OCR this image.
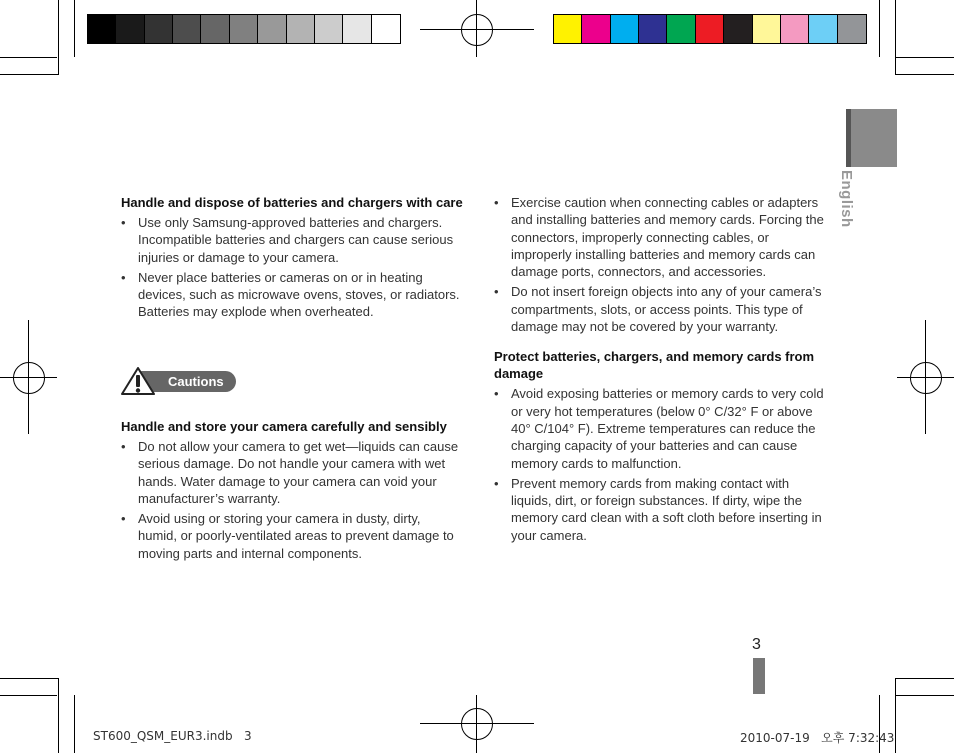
Handle and dispose of batteries and chargers with care
• Use only Samsung-approved batteries and chargers. Incompatible batteries and chargers can cause serious injuries or damage to your camera.
• Never place batteries or cameras on or in heating devices, such as microwave ovens, stoves, or radiators. Batteries may explode when overheated.
Cautions
Handle and store your camera carefully and sensibly
• Do not allow your camera to get wet—liquids can cause serious damage. Do not handle your camera with wet hands. Water damage to your camera can void your manufacturer’s warranty.
• Avoid using or storing your camera in dusty, dirty, humid, or poorly-ventilated areas to prevent damage to moving parts and internal components.
• Exercise caution when connecting cables or adapters and installing batteries and memory cards. Forcing the connectors, improperly connecting cables, or improperly installing batteries and memory cards can damage ports, connectors, and accessories.
• Do not insert foreign objects into any of your camera’s compartments, slots, or access points. This type of damage may not be covered by your warranty.
Protect batteries, chargers, and memory cards from damage
• Avoid exposing batteries or memory cards to very cold or very hot temperatures (below 0° C/32° F or above 40° C/104° F). Extreme temperatures can reduce the charging capacity of your batteries and can cause memory cards to malfunction.
• Prevent memory cards from making contact with liquids, dirt, or foreign substances. If dirty, wipe the memory card clean with a soft cloth before inserting in your camera.
English
3
ST600_QSM_EUR3.indb   3	2010-07-19   오후 7:32:43
